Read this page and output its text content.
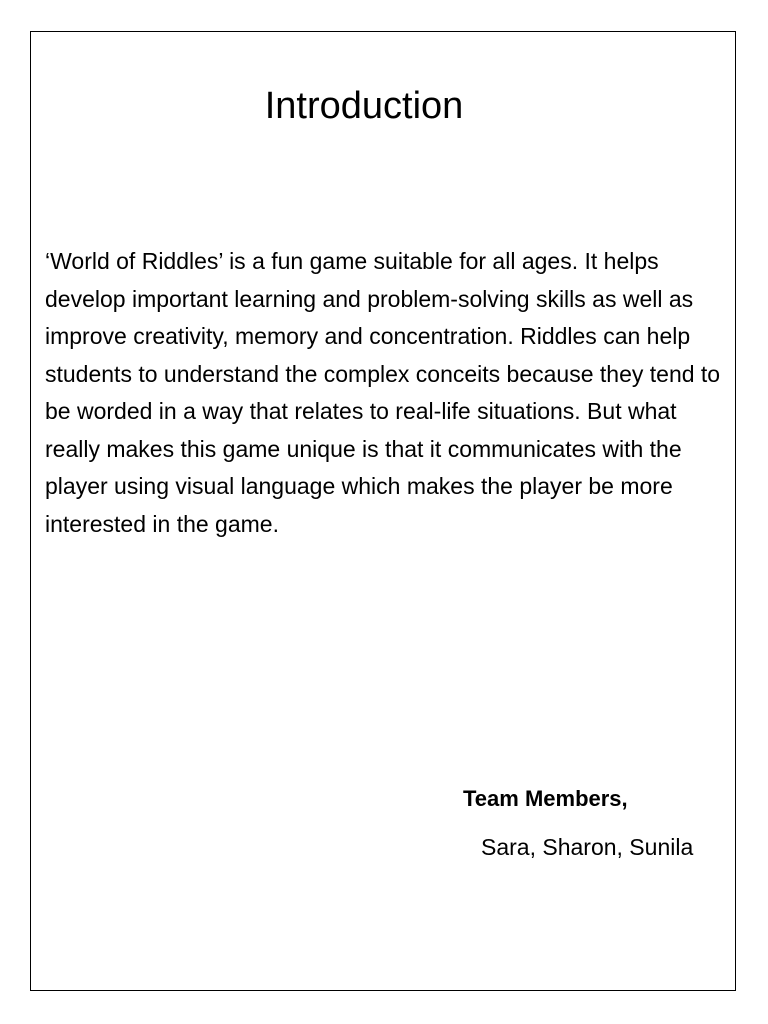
Introduction

‘World of Riddles’ is a fun game suitable for all ages. It helps develop important learning and problem-solving skills as well as improve creativity, memory and concentration. Riddles can help students to understand the complex conceits because they tend to be worded in a way that relates to real-life situations. But what really makes this game unique is that it communicates with the player using visual language which makes the player be more interested in the game.

Team Members,

Sara, Sharon, Sunila
